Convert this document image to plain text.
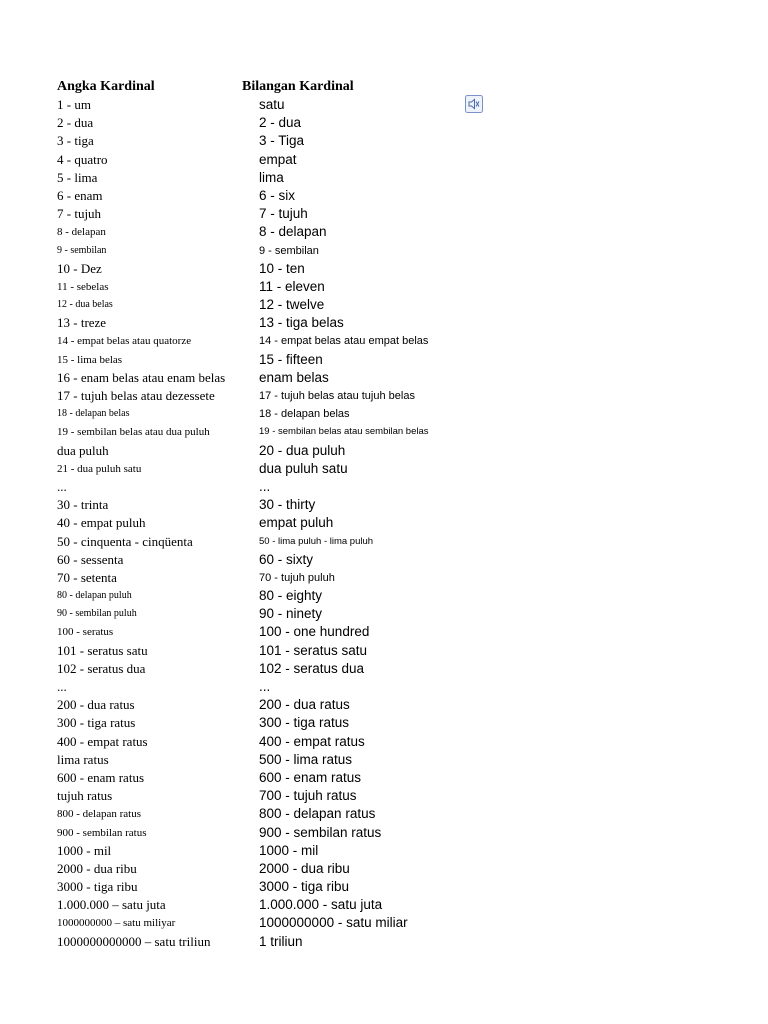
Angka Kardinal	Bilangan Kardinal
1 - um
2 - dua
3 - tiga
4 - quatro
5 - lima
6 - enam
7 - tujuh
8 - delapan
9 - sembilan
10 - Dez
11 - sebelas
12 - dua belas
13 - treze
14 - empat belas atau quatorze
15 - lima belas
16 - enam belas atau enam belas
17 - tujuh belas atau dezessete
18 - delapan belas
19 - sembilan belas atau dua puluh
dua puluh
21 - dua puluh satu
...
30 - trinta
40 - empat puluh
50 - cinquenta - cinqüenta
60 - sessenta
70 - setenta
80 - delapan puluh
90 - sembilan puluh
100 - seratus
101 - seratus satu
102 - seratus dua
...
200 - dua ratus
300 - tiga ratus
400 - empat ratus
lima ratus
600 - enam ratus
tujuh ratus
800 - delapan ratus
900 - sembilan ratus
1000 - mil
2000 - dua ribu
3000 - tiga ribu
1.000.000 – satu juta
1000000000 – satu miliyar
1000000000000 – satu triliun
satu
2 - dua
3 - Tiga
empat
lima
6 - six
7 - tujuh
8 - delapan
9 - sembilan
10 - ten
11 - eleven
12 - twelve
13 - tiga belas
14 - empat belas atau empat belas
15 - fifteen
enam belas
17 - tujuh belas atau tujuh belas
18 - delapan belas
19 - sembilan belas atau sembilan belas
20 - dua puluh
dua puluh satu
...
30 - thirty
empat puluh
50 - lima puluh - lima puluh
60 - sixty
70 - tujuh puluh
80 - eighty
90 - ninety
100 - one hundred
101 - seratus satu
102 - seratus dua
...
200 - dua ratus
300 - tiga ratus
400 - empat ratus
500 - lima ratus
600 - enam ratus
700 - tujuh ratus
800 - delapan ratus
900 - sembilan ratus
1000 - mil
2000 - dua ribu
3000 - tiga ribu
1.000.000 - satu juta
1000000000 - satu miliar
1 triliun
